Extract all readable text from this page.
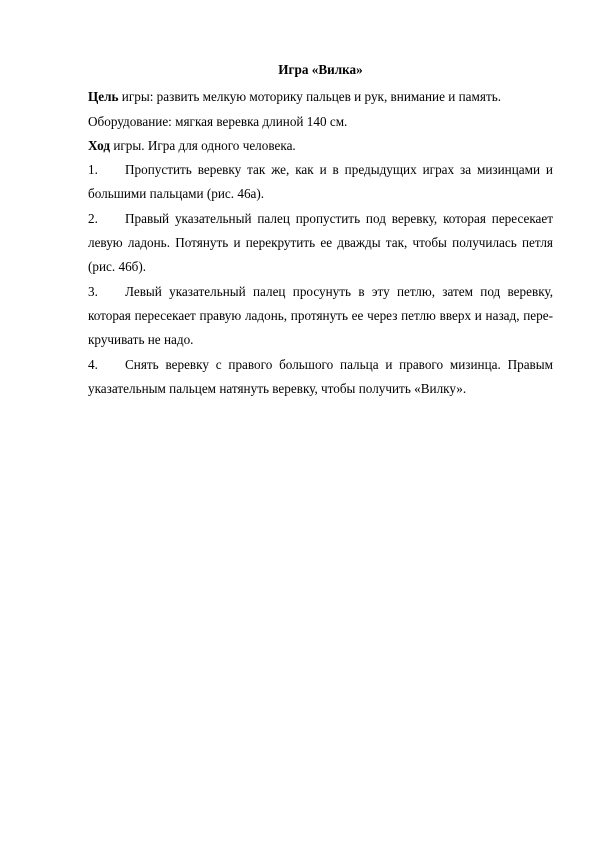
Игра «Вилка»

Цель игры: развить мелкую моторику пальцев и рук, внимание и память.

Оборудование: мягкая веревка длиной 140 см.

Ход игры. Игра для одного человека.

1. Пропустить веревку так же, как и в предыдущих играх за мизинцами и большими пальцами (рис. 46а).

2. Правый указательный палец пропустить под веревку, которая пересекает левую ладонь. Потянуть и перекрутить ее дважды так, чтобы получилась петля (рис. 46б).

3. Левый указательный палец просунуть в эту петлю, затем под веревку, которая пересекает правую ладонь, протянуть ее через петлю вверх и назад, пере-кручивать не надо.

4. Снять веревку с правого большого пальца и правого мизинца. Правым указательным пальцем натянуть веревку, чтобы получить «Вилку».
